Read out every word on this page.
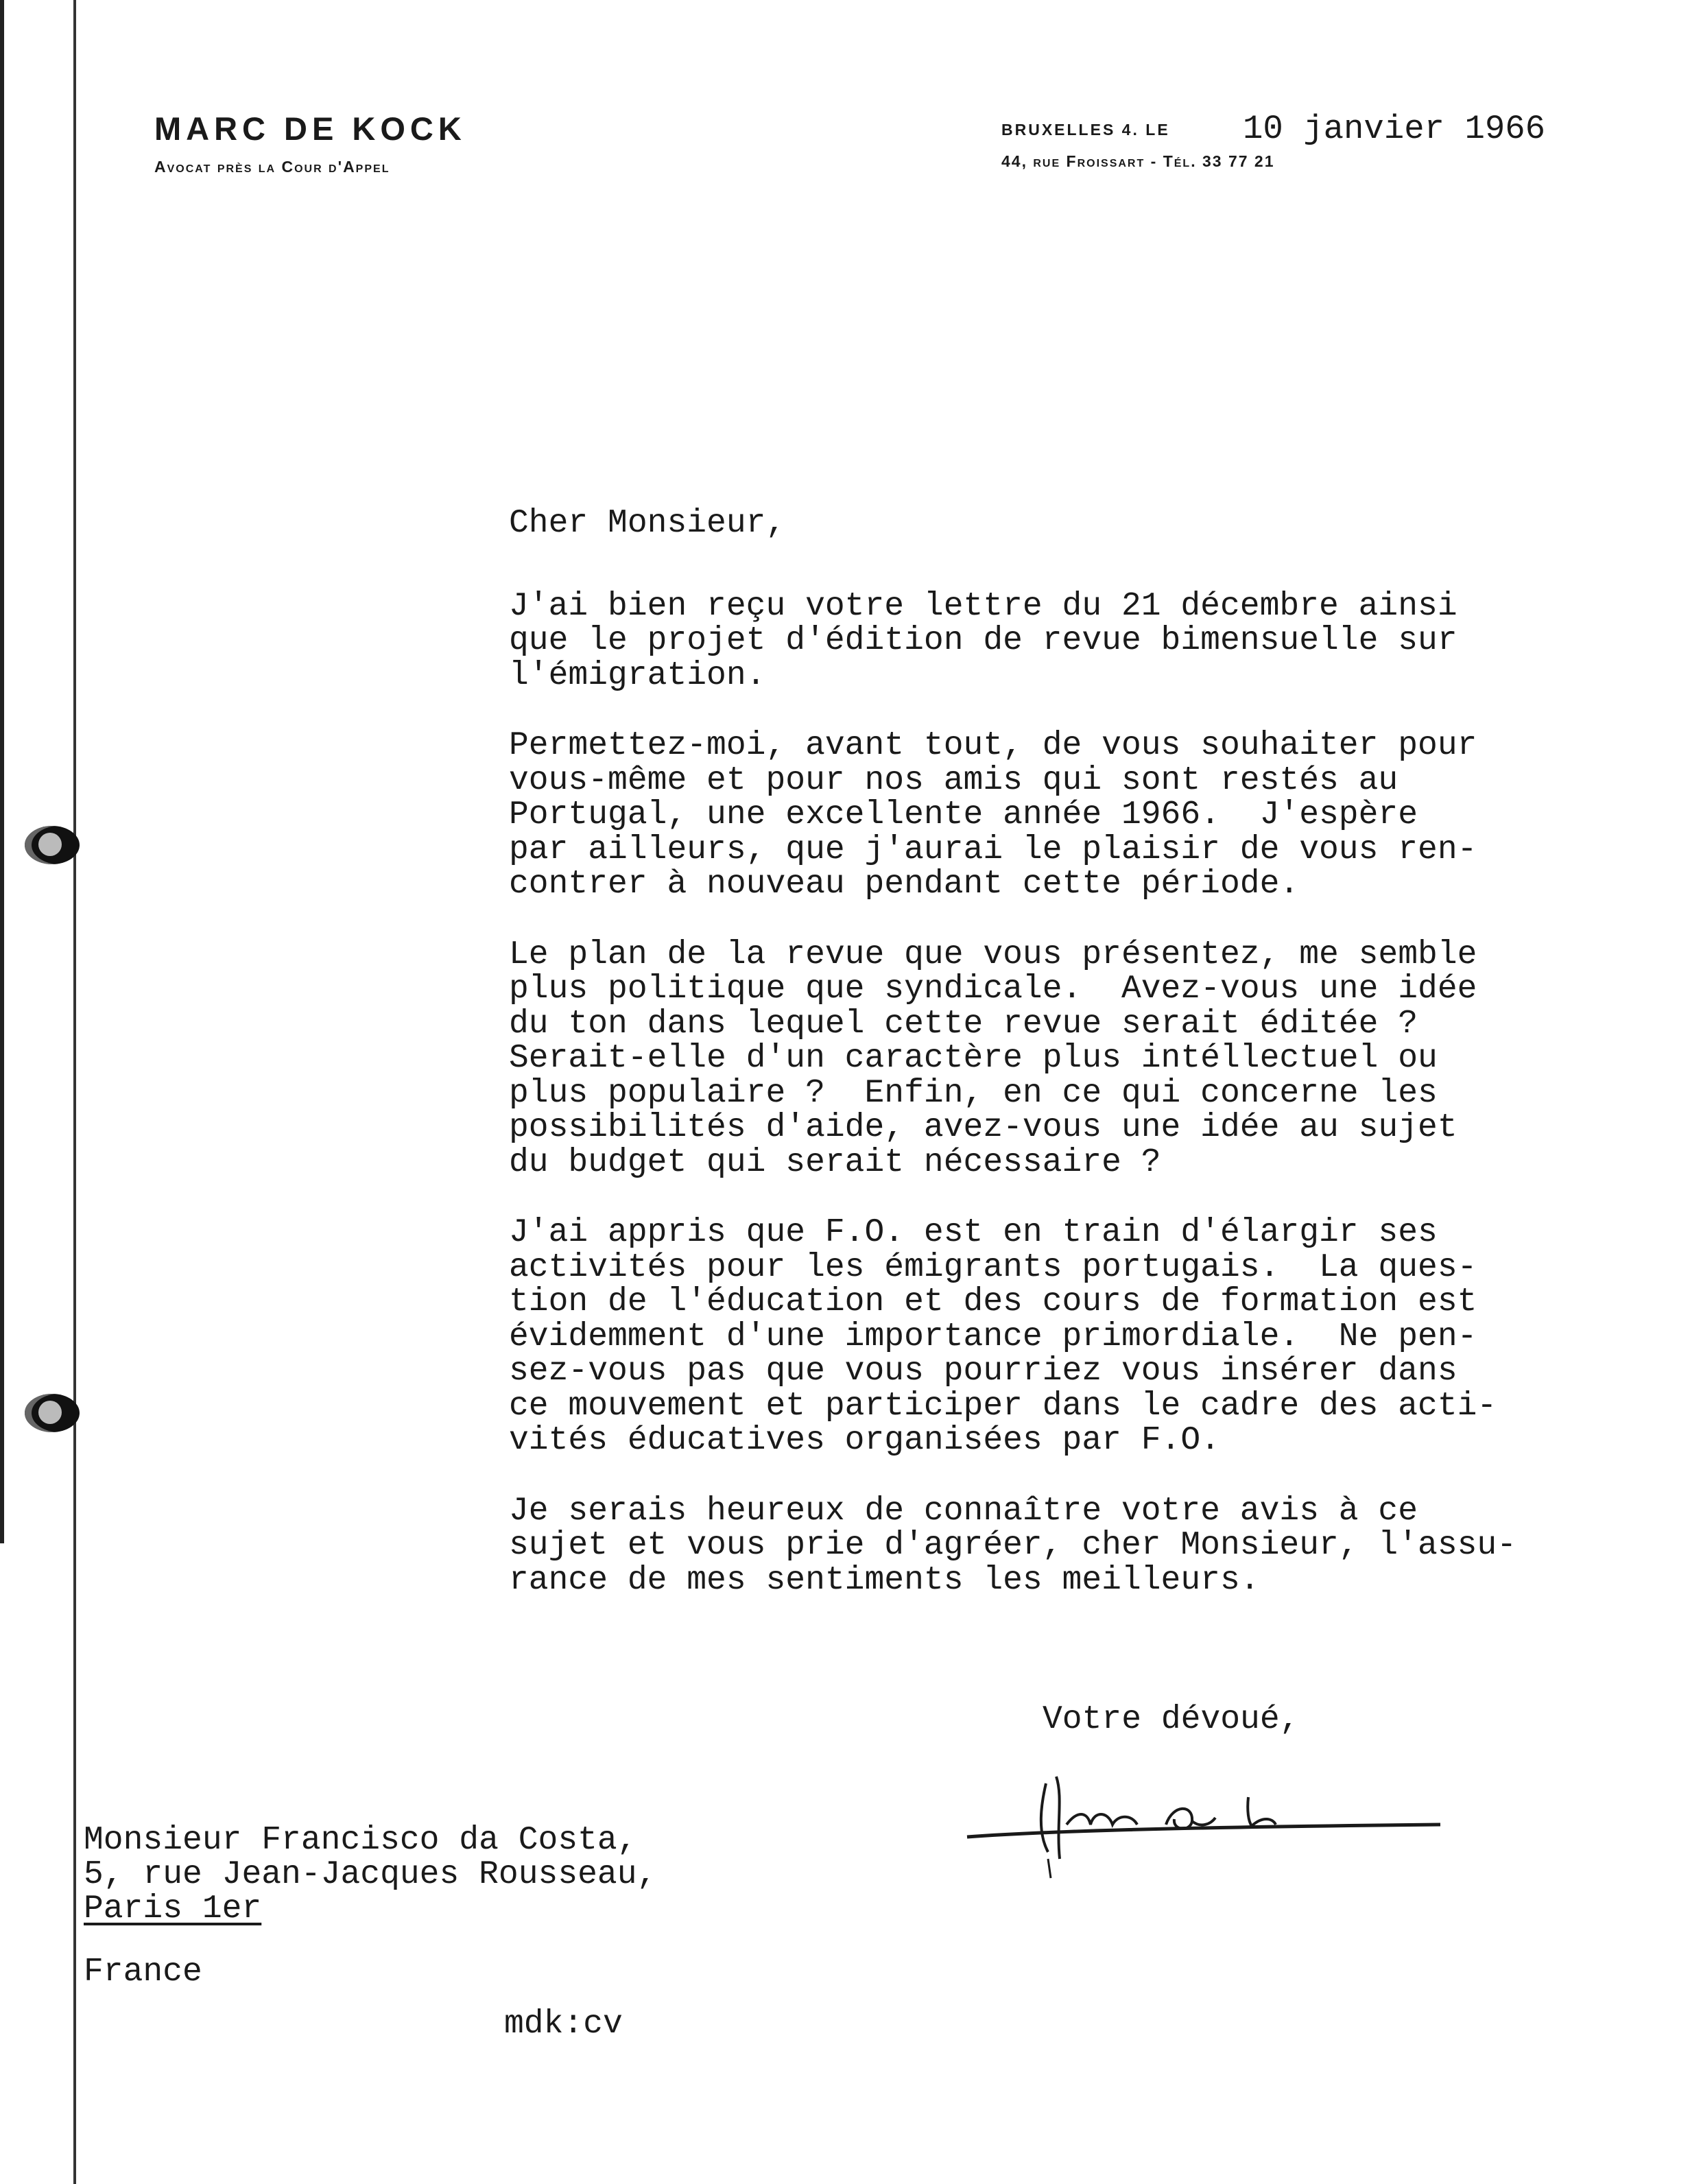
MARC DE KOCK
Avocat près la Cour d'Appel
BRUXELLES 4. LE 10 janvier 1966
44, rue Froissart - Tél. 33 77 21
Cher Monsieur,
J'ai bien reçu votre lettre du 21 décembre ainsi
que le projet d'édition de revue bimensuelle sur
l'émigration.
Permettez-moi, avant tout, de vous souhaiter pour
vous-même et pour nos amis qui sont restés au
Portugal, une excellente année 1966.  J'espère
par ailleurs, que j'aurai le plaisir de vous ren-
contrer à nouveau pendant cette période.
Le plan de la revue que vous présentez, me semble
plus politique que syndicale.  Avez-vous une idée
du ton dans lequel cette revue serait éditée ?
Serait-elle d'un caractère plus intéllectuel ou
plus populaire ?  Enfin, en ce qui concerne les
possibilités d'aide, avez-vous une idée au sujet
du budget qui serait nécessaire ?
J'ai appris que F.O. est en train d'élargir ses
activités pour les émigrants portugais.  La ques-
tion de l'éducation et des cours de formation est
évidemment d'une importance primordiale.  Ne pen-
sez-vous pas que vous pourriez vous insérer dans
ce mouvement et participer dans le cadre des acti-
vités éducatives organisées par F.O.
Je serais heureux de connaître votre avis à ce
sujet et vous prie d'agréer, cher Monsieur, l'assu-
rance de mes sentiments les meilleurs.
Votre dévoué,
Monsieur Francisco da Costa,
5, rue Jean-Jacques Rousseau,
Paris 1er
France
mdk:cv
